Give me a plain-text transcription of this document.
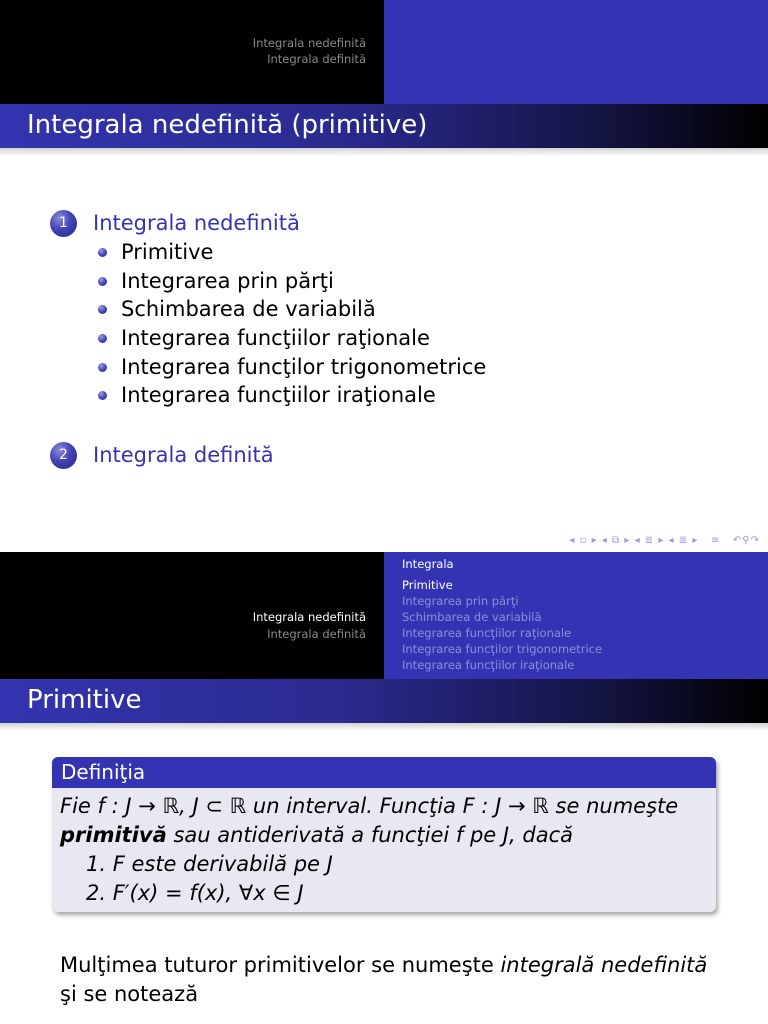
Integrala nedefinită
Integrala definită
Integrala nedefinită (primitive)
1	Integrala nedefinită
Primitive
Integrarea prin părţi
Schimbarea de variabilă
Integrarea funcţiilor raţionale
Integrarea funcţilor trigonometrice
Integrarea funcţiilor iraţionale
2	Integrala definită
◂ ▫ ▸ ◂ ⧉ ▸ ◂ ≣ ▸ ◂ ≣ ▸ ≡ ↶⚲↷
Integrala nedefinită
Integrala definită
Integrala
Primitive
Integrarea prin părţi
Schimbarea de variabilă
Integrarea funcţiilor raţionale
Integrarea funcţilor trigonometrice
Integrarea funcţiilor iraţionale
Primitive
Definiţia
Fie f : J → ℝ, J ⊂ ℝ un interval. Funcţia F : J → ℝ se numeşte
primitivă sau antiderivată a funcţiei f pe J, dacă
1. F este derivabilă pe J
2. F′(x) = f(x), ∀x ∈ J
Mulţimea tuturor primitivelor se numeşte integrală nedefinită şi se notează
